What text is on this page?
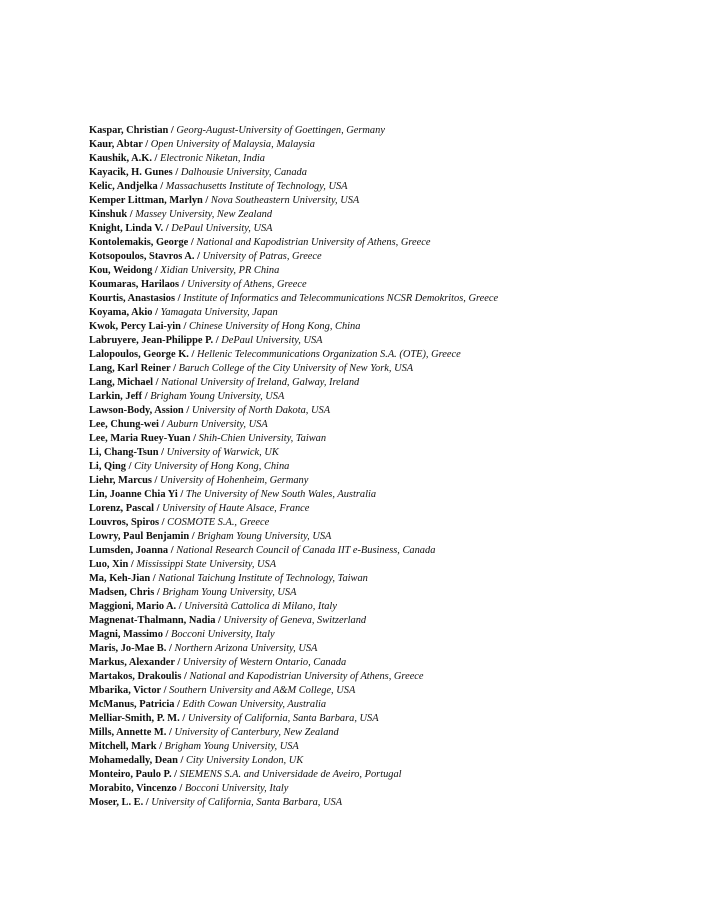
Kaspar, Christian / Georg-August-University of Goettingen, Germany
Kaur, Abtar / Open University of Malaysia, Malaysia
Kaushik, A.K. / Electronic Niketan, India
Kayacik, H. Gunes / Dalhousie University, Canada
Kelic, Andjelka / Massachusetts Institute of Technology, USA
Kemper Littman, Marlyn / Nova Southeastern University, USA
Kinshuk / Massey University, New Zealand
Knight, Linda V. / DePaul University, USA
Kontolemakis, George / National and Kapodistrian University of Athens, Greece
Kotsopoulos, Stavros A. / University of Patras, Greece
Kou, Weidong / Xidian University, PR China
Koumaras, Harilaos / University of Athens, Greece
Kourtis, Anastasios / Institute of Informatics and Telecommunications NCSR Demokritos, Greece
Koyama, Akio / Yamagata University, Japan
Kwok, Percy Lai-yin / Chinese University of Hong Kong, China
Labruyere, Jean-Philippe P. / DePaul University, USA
Lalopoulos, George K. / Hellenic Telecommunications Organization S.A. (OTE), Greece
Lang, Karl Reiner / Baruch College of the City University of New York, USA
Lang, Michael / National University of Ireland, Galway, Ireland
Larkin, Jeff / Brigham Young University, USA
Lawson-Body, Assion / University of North Dakota, USA
Lee, Chung-wei / Auburn University, USA
Lee, Maria Ruey-Yuan / Shih-Chien University, Taiwan
Li, Chang-Tsun / University of Warwick, UK
Li, Qing / City University of Hong Kong, China
Liehr, Marcus / University of Hohenheim, Germany
Lin, Joanne Chia Yi / The University of New South Wales, Australia
Lorenz, Pascal / University of Haute Alsace, France
Louvros, Spiros / COSMOTE S.A., Greece
Lowry, Paul Benjamin / Brigham Young University, USA
Lumsden, Joanna / National Research Council of Canada IIT e-Business, Canada
Luo, Xin / Mississippi State University, USA
Ma, Keh-Jian / National Taichung Institute of Technology, Taiwan
Madsen, Chris / Brigham Young University, USA
Maggioni, Mario A. / Università Cattolica di Milano, Italy
Magnenat-Thalmann, Nadia / University of Geneva, Switzerland
Magni, Massimo / Bocconi University, Italy
Maris, Jo-Mae B. / Northern Arizona University, USA
Markus, Alexander / University of Western Ontario, Canada
Martakos, Drakoulis / National and Kapodistrian University of Athens, Greece
Mbarika, Victor / Southern University and A&M College, USA
McManus, Patricia / Edith Cowan University, Australia
Melliar-Smith, P. M. / University of California, Santa Barbara, USA
Mills, Annette M. / University of Canterbury, New Zealand
Mitchell, Mark / Brigham Young University, USA
Mohamedally, Dean / City University London, UK
Monteiro, Paulo P. / SIEMENS S.A. and Universidade de Aveiro, Portugal
Morabito, Vincenzo / Bocconi University, Italy
Moser, L. E. / University of California, Santa Barbara, USA
